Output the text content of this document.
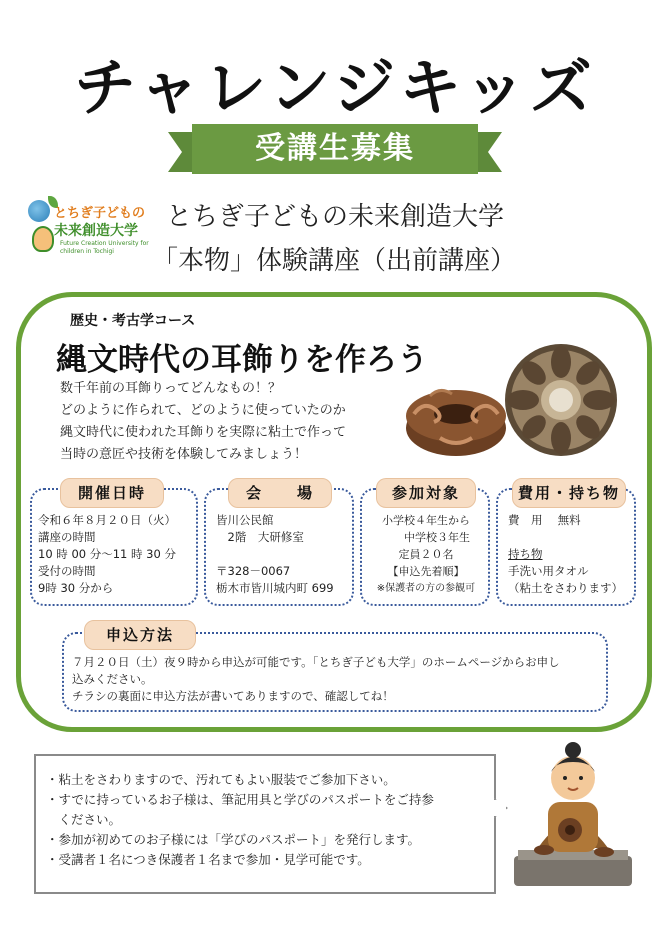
チャレンジキッズ
受講生募集
とちぎ子どもの
未来創造大学
Future Creation University for children in Tochigi
とちぎ子どもの未来創造大学
「本物」体験講座（出前講座）
歴史・考古学コース
縄文時代の耳飾りを作ろう
数千年前の耳飾りってどんなもの！？
どのように作られて、どのように使っていたのか
縄文時代に使われた耳飾りを実際に粘土で作って
当時の意匠や技術を体験してみましょう！
開催日時	会　　場	参加対象	費用・持ち物
令和６年８月２０日（火）
講座の時間
10 時 00 分～11 時 30 分
受付の時間
9時 30 分から
皆川公民館
　2階　大研修室
〒328－0067
栃木市皆川城内町 699
小学校４年生から
　　中学校３年生
定員２０名
【申込先着順】
※保護者の方の参観可
費　用　 無料
持ち物
手洗い用タオル
（粘土をさわります）
申込方法
７月２０日（土）夜９時から申込が可能です。「とちぎ子ども大学」のホームページからお申し
込みください。
チラシの裏面に申込方法が書いてありますので、確認してね！
・粘土をさわりますので、汚れてもよい服装でご参加下さい。
・すでに持っているお子様は、筆記用具と学びのパスポートをご持参
　ください。
・参加が初めてのお子様には「学びのパスポート」を発行します。
・受講者１名につき保護者１名まで参加・見学可能です。
